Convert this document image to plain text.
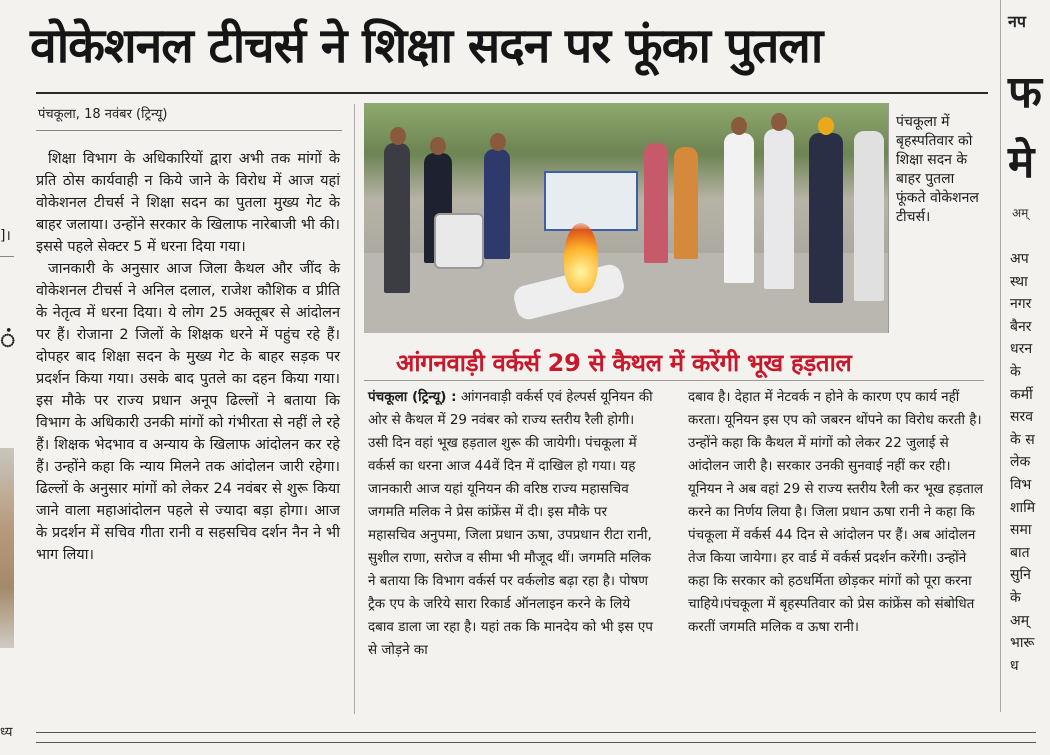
वोकेशनल टीचर्स ने शिक्षा सदन पर फूंका पुतला
पंचकूला, 18 नवंबर (ट्रिन्यू)

शिक्षा विभाग के अधिकारियों द्वारा अभी तक मांगों के प्रति ठोस कार्यवाही न किये जाने के विरोध में आज यहां वोकेशनल टीचर्स ने शिक्षा सदन का पुतला मुख्य गेट के बाहर जलाया। उन्होंने सरकार के खिलाफ नारेबाजी भी की। इससे पहले सेक्टर 5 में धरना दिया गया।

जानकारी के अनुसार आज जिला कैथल और जींद के वोकेशनल टीचर्स ने अनिल दलाल, राजेश कौशिक व प्रीति के नेतृत्व में धरना दिया। ये लोग 25 अक्तूबर से आंदोलन पर हैं। रोजाना 2 जिलों के शिक्षक धरने में पहुंच रहे हैं। दोपहर बाद शिक्षा सदन के मुख्य गेट के बाहर सड़क पर प्रदर्शन किया गया। उसके बाद पुतले का दहन किया गया। इस मौके पर राज्य प्रधान अनूप ढिल्लों ने बताया कि विभाग के अधिकारी उनकी मांगों को गंभीरता से नहीं ले रहे हैं। शिक्षक भेदभाव व अन्याय के खिलाफ आंदोलन कर रहे हैं। उन्होंने कहा कि न्याय मिलने तक आंदोलन जारी रहेगा। ढिल्लों के अनुसार मांगों को लेकर 24 नवंबर से शुरू किया जाने वाला महाआंदोलन पहले से ज्यादा बड़ा होगा। आज के प्रदर्शन में सचिव गीता रानी व सहसचिव दर्शन नैन ने भी भाग लिया।

पंचकूला में बृहस्पतिवार को शिक्षा सदन के बाहर पुतला फूंकते वोकेशनल टीचर्स।
आंगनवाड़ी वर्कर्स 29 से कैथल में करेंगी भूख हड़ताल

पंचकूला (ट्रिन्यू) : आंगनवाड़ी वर्कर्स एवं हेल्पर्स यूनियन की ओर से कैथल में 29 नवंबर को राज्य स्तरीय रैली होगी। उसी दिन वहां भूख हड़ताल शुरू की जायेगी। पंचकूला में वर्कर्स का धरना आज 44वें दिन में दाखिल हो गया। यह जानकारी आज यहां यूनियन की वरिष्ठ राज्य महासचिव जगमति मलिक ने प्रेस कांफ्रेंस में दी। इस मौके पर महासचिव अनुपमा, जिला प्रधान ऊषा, उपप्रधान रीटा रानी, सुशील राणा, सरोज व सीमा भी मौजूद थीं। जगमति मलिक ने बताया कि विभाग वर्कर्स पर वर्कलोड बढ़ा रहा है। पोषण ट्रैक एप के जरिये सारा रिकार्ड ऑनलाइन करने के लिये दबाव डाला जा रहा है। यहां तक कि मानदेय को भी इस एप से जोड़ने का

दबाव है। देहात में नेटवर्क न होने के कारण एप कार्य नहीं करता। यूनियन इस एप को जबरन थोंपने का विरोध करती है। उन्होंने कहा कि कैथल में मांगों को लेकर 22 जुलाई से आंदोलन जारी है। सरकार उनकी सुनवाई नहीं कर रही।यूनियन ने अब वहां 29 से राज्य स्तरीय रैली कर भूख हड़ताल करने का निर्णय लिया है। जिला प्रधान ऊषा रानी ने कहा कि पंचकूला में वर्कर्स 44 दिन से आंदोलन पर हैं। अब आंदोलन तेज किया जायेगा। हर वार्ड में वर्कर्स प्रदर्शन करेंगी। उन्होंने कहा कि सरकार को हठधर्मिता छोड़कर मांगों को पूरा करना चाहिये।पंचकूला में बृहस्पतिवार को प्रेस कांफ्रेंस को संबोधित करतीं जगमति मलिक व ऊषा रानी।

नप
फ
मे
अम्
अप
स्था
नगर
बैनर
धरन
के
कर्मी
सरव
के स
लेक
विभ
शामि
समा
बात
सुनि
के
अम्
भारू
ध
]।
ं
ध्य
